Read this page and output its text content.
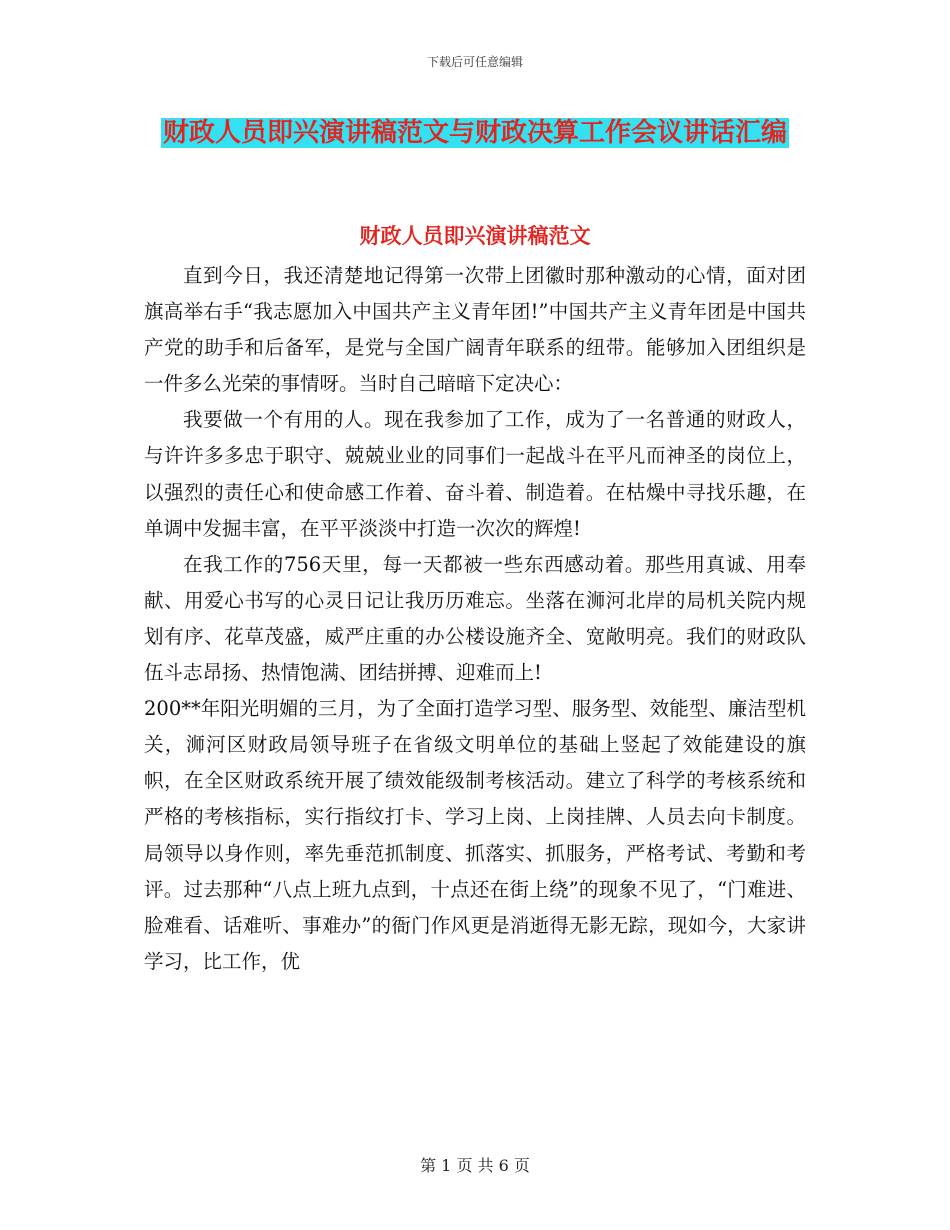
下载后可任意编辑
财政人员即兴演讲稿范文与财政决算工作会议讲话汇编
财政人员即兴演讲稿范文

直到今日，我还清楚地记得第一次带上团徽时那种激动的心情，面对团旗高举右手“我志愿加入中国共产主义青年团!”中国共产主义青年团是中国共产党的助手和后备军，是党与全国广阔青年联系的纽带。能够加入团组织是一件多么光荣的事情呀。当时自己暗暗下定决心：

我要做一个有用的人。现在我参加了工作，成为了一名普通的财政人，与许许多多忠于职守、兢兢业业的同事们一起战斗在平凡而神圣的岗位上，以强烈的责任心和使命感工作着、奋斗着、制造着。在枯燥中寻找乐趣，在单调中发掘丰富，在平平淡淡中打造一次次的辉煌!

在我工作的756天里，每一天都被一些东西感动着。那些用真诚、用奉献、用爱心书写的心灵日记让我历历难忘。坐落在浉河北岸的局机关院内规划有序、花草茂盛，威严庄重的办公楼设施齐全、宽敞明亮。我们的财政队伍斗志昂扬、热情饱满、团结拼搏、迎难而上!

200**年阳光明媚的三月，为了全面打造学习型、服务型、效能型、廉洁型机关，浉河区财政局领导班子在省级文明单位的基础上竖起了效能建设的旗帜，在全区财政系统开展了绩效能级制考核活动。建立了科学的考核系统和严格的考核指标，实行指纹打卡、学习上岗、上岗挂牌、人员去向卡制度。局领导以身作则，率先垂范抓制度、抓落实、抓服务，严格考试、考勤和考评。过去那种“八点上班九点到，十点还在街上绕”的现象不见了，“门难进、脸难看、话难听、事难办”的衙门作风更是消逝得无影无踪，现如今，大家讲学习，比工作，优

第 1 页 共 6 页
